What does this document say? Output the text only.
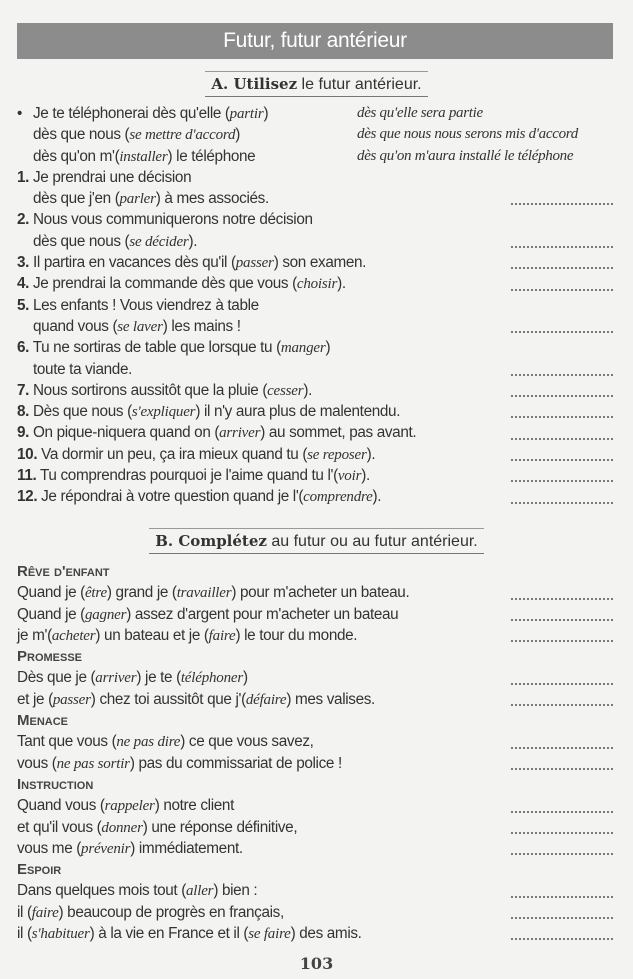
Futur, futur antérieur
A. Utilisez le futur antérieur.
• Je te téléphonerai dès qu'elle (partir)	dès qu'elle sera partie
dès que nous (se mettre d'accord)	dès que nous nous serons mis d'accord
dès qu'on m'(installer) le téléphone	dès qu'on m'aura installé le téléphone
1. Je prendrai une décision
dès que j'en (parler) à mes associés.
2. Nous vous communiquerons notre décision
dès que nous (se décider).
3. Il partira en vacances dès qu'il (passer) son examen.
4. Je prendrai la commande dès que vous (choisir).
5. Les enfants ! Vous viendrez à table
quand vous (se laver) les mains !
6. Tu ne sortiras de table que lorsque tu (manger)
toute ta viande.
7. Nous sortirons aussitôt que la pluie (cesser).
8. Dès que nous (s'expliquer) il n'y aura plus de malentendu.
9. On pique-niquera quand on (arriver) au sommet, pas avant.
10. Va dormir un peu, ça ira mieux quand tu (se reposer).
11. Tu comprendras pourquoi je l'aime quand tu l'(voir).
12. Je répondrai à votre question quand je l'(comprendre).
B. Complétez au futur ou au futur antérieur.
Rêve d'enfant
Quand je (être) grand je (travailler) pour m'acheter un bateau.
Quand je (gagner) assez d'argent pour m'acheter un bateau
je m'(acheter) un bateau et je (faire) le tour du monde.
Promesse
Dès que je (arriver) je te (téléphoner)
et je (passer) chez toi aussitôt que j'(défaire) mes valises.
Menace
Tant que vous (ne pas dire) ce que vous savez,
vous (ne pas sortir) pas du commissariat de police !
Instruction
Quand vous (rappeler) notre client
et qu'il vous (donner) une réponse définitive,
vous me (prévenir) immédiatement.
Espoir
Dans quelques mois tout (aller) bien :
il (faire) beaucoup de progrès en français,
il (s'habituer) à la vie en France et il (se faire) des amis.
103
